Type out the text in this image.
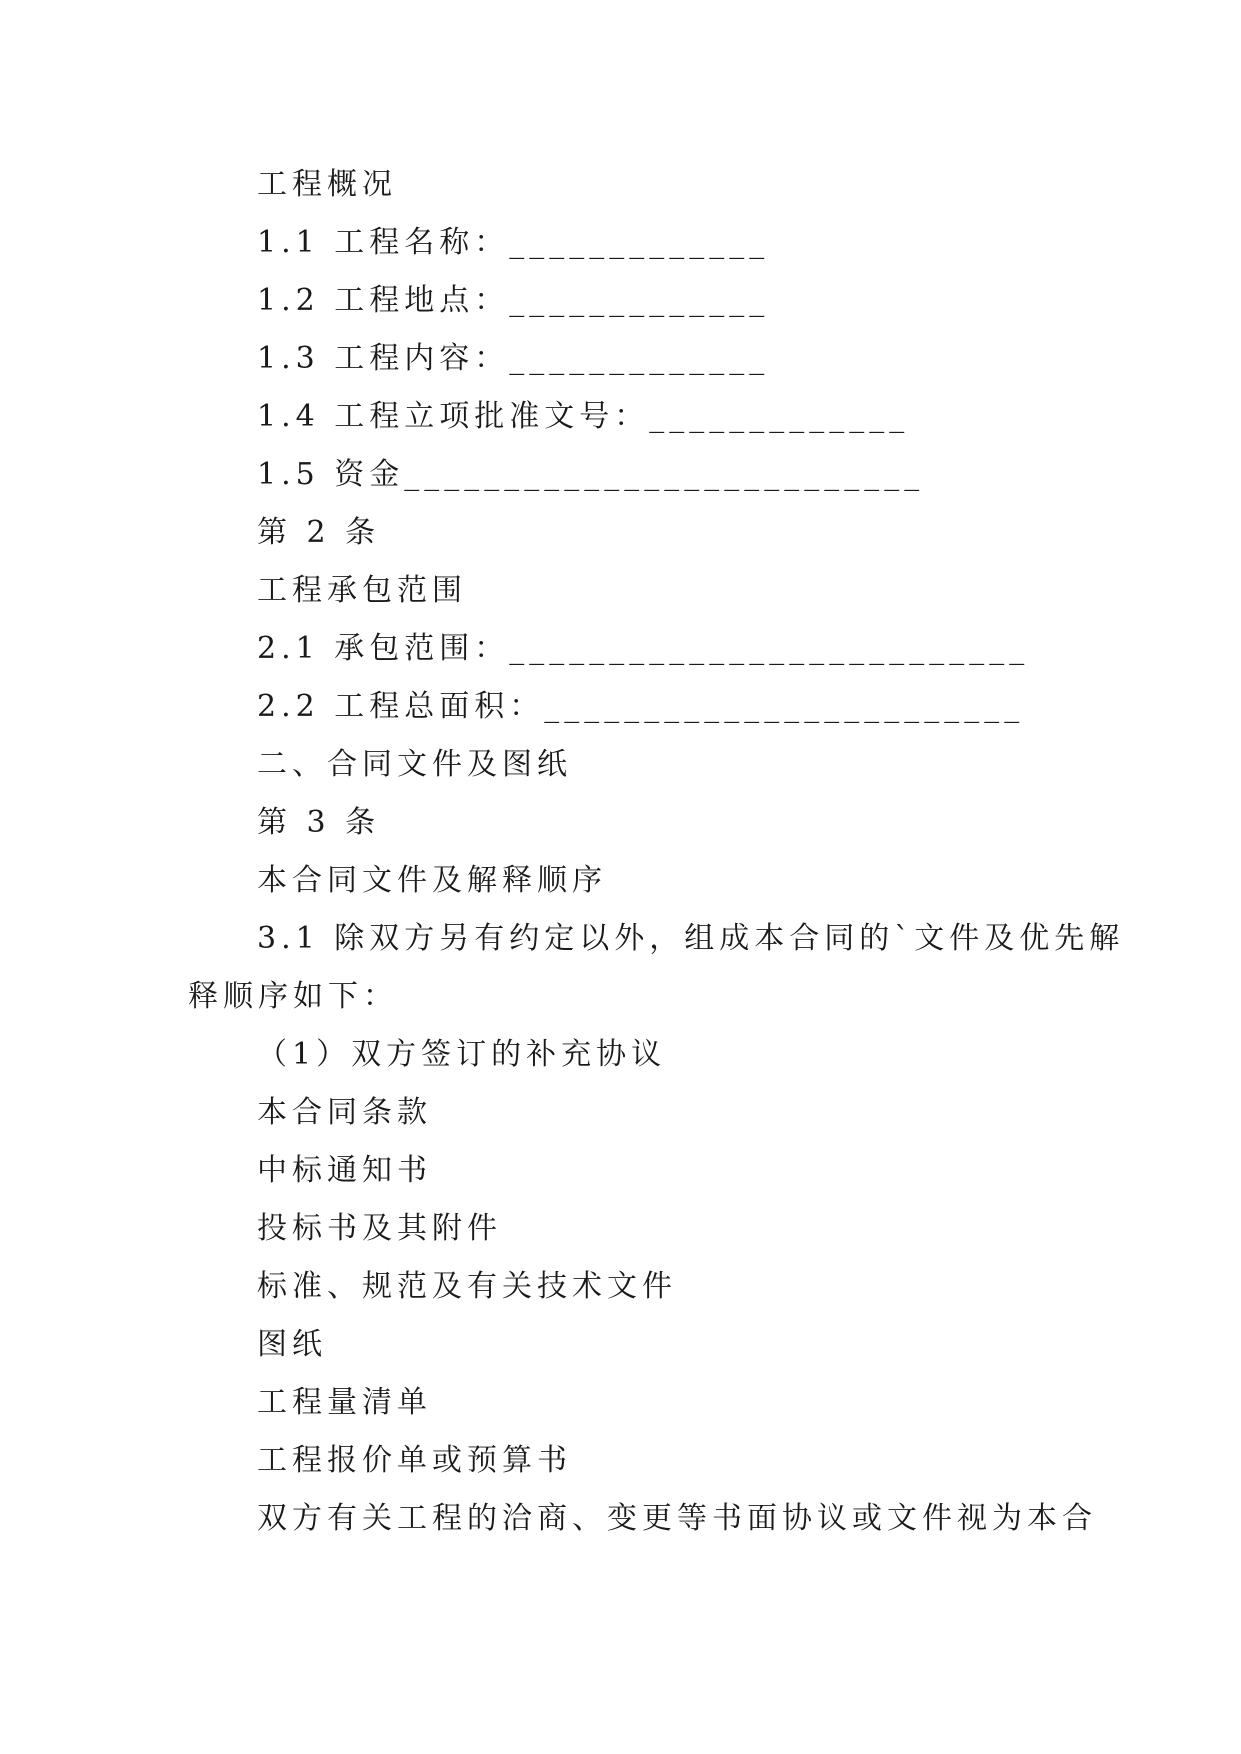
工程概况
1.1 工程名称：_____________
1.2 工程地点：_____________
1.3 工程内容：_____________
1.4 工程立项批准文号：_____________
1.5 资金__________________________
第 2 条
工程承包范围
2.1 承包范围：__________________________
2.2 工程总面积：________________________
二、合同文件及图纸
第 3 条
本合同文件及解释顺序
3.1 除双方另有约定以外，组成本合同的`文件及优先解
释顺序如下：
（1）双方签订的补充协议
本合同条款
中标通知书
投标书及其附件
标准、规范及有关技术文件
图纸
工程量清单
工程报价单或预算书
双方有关工程的洽商、变更等书面协议或文件视为本合
